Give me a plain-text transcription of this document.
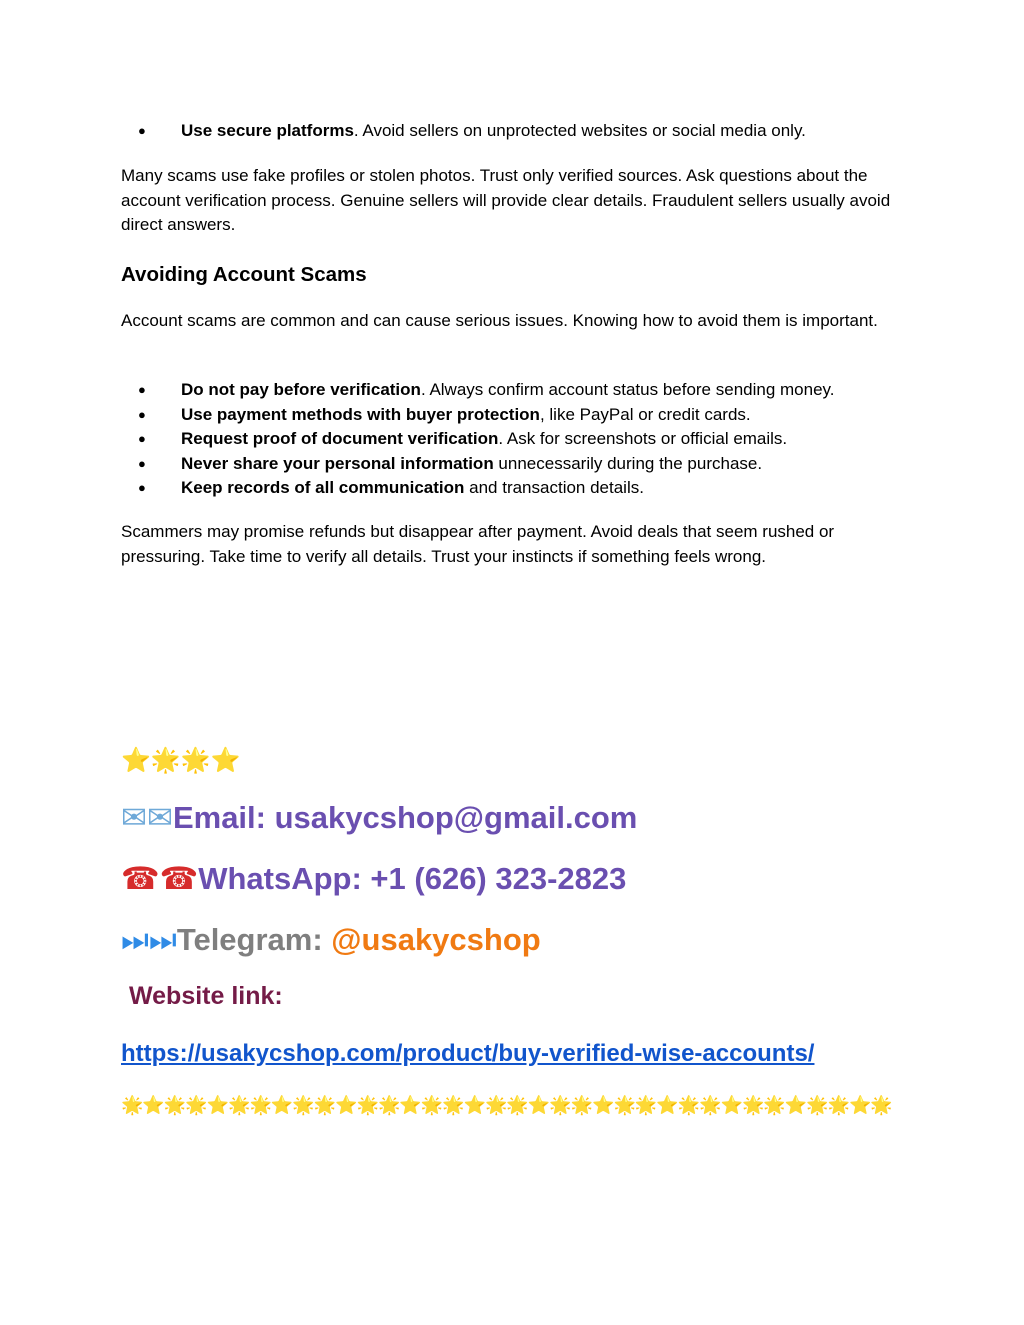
● Use secure platforms. Avoid sellers on unprotected websites or social media only.
Many scams use fake profiles or stolen photos. Trust only verified sources. Ask questions about the account verification process. Genuine sellers will provide clear details. Fraudulent sellers usually avoid direct answers.
Avoiding Account Scams
Account scams are common and can cause serious issues. Knowing how to avoid them is important.
● Do not pay before verification. Always confirm account status before sending money.
● Use payment methods with buyer protection, like PayPal or credit cards.
● Request proof of document verification. Ask for screenshots or official emails.
● Never share your personal information unnecessarily during the purchase.
● Keep records of all communication and transaction details.
Scammers may promise refunds but disappear after payment. Avoid deals that seem rushed or pressuring. Take time to verify all details. Trust your instincts if something feels wrong.
⭐🌟🌟⭐
✉✉Email: usakycshop@gmail.com
☎☎WhatsApp: +1 (626) 323-2823
⏭⏭Telegram: @usakycshop
Website link:
https://usakycshop.com/product/buy-verified-wise-accounts/
🌟⭐🌟🌟⭐🌟🌟⭐🌟🌟⭐🌟🌟⭐🌟🌟⭐🌟🌟⭐🌟🌟⭐🌟🌟⭐🌟🌟⭐🌟🌟⭐🌟🌟⭐🌟
